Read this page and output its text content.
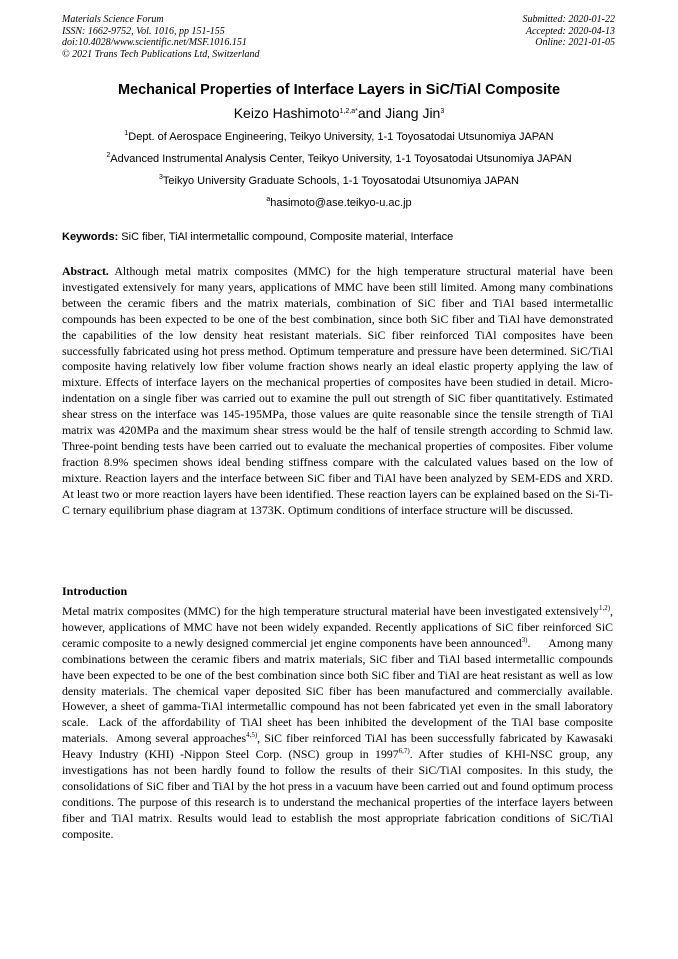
Materials Science Forum
ISSN: 1662-9752, Vol. 1016, pp 151-155
doi:10.4028/www.scientific.net/MSF.1016.151
© 2021 Trans Tech Publications Ltd, Switzerland
Submitted: 2020-01-22
Accepted: 2020-04-13
Online: 2021-01-05
Mechanical Properties of Interface Layers in SiC/TiAl Composite
Keizo Hashimoto$^{1,2,a*}$and Jiang Jin$^3$
$^1$Dept. of Aerospace Engineering, Teikyo University, 1-1 Toyosatodai Utsunomiya JAPAN
$^2$Advanced Instrumental Analysis Center, Teikyo University, 1-1 Toyosatodai Utsunomiya JAPAN
$^3$Teikyo University Graduate Schools, 1-1 Toyosatodai Utsunomiya JAPAN
$^a$hasimoto@ase.teikyo-u.ac.jp
Keywords: SiC fiber, TiAl intermetallic compound, Composite material, Interface
Abstract. Although metal matrix composites (MMC) for the high temperature structural material have been investigated extensively for many years, applications of MMC have been still limited. Among many combinations between the ceramic fibers and the matrix materials, combination of SiC fiber and TiAl based intermetallic compounds has been expected to be one of the best combination, since both SiC fiber and TiAl have demonstrated the capabilities of the low density heat resistant materials. SiC fiber reinforced TiAl composites have been successfully fabricated using hot press method. Optimum temperature and pressure have been determined. SiC/TiAl composite having relatively low fiber volume fraction shows nearly an ideal elastic property applying the law of mixture. Effects of interface layers on the mechanical properties of composites have been studied in detail. Micro-indentation on a single fiber was carried out to examine the pull out strength of SiC fiber quantitatively. Estimated shear stress on the interface was 145-195MPa, those values are quite reasonable since the tensile strength of TiAl matrix was 420MPa and the maximum shear stress would be the half of tensile strength according to Schmid law. Three-point bending tests have been carried out to evaluate the mechanical properties of composites. Fiber volume fraction 8.9% specimen shows ideal bending stiffness compare with the calculated values based on the low of mixture. Reaction layers and the interface between SiC fiber and TiAl have been analyzed by SEM-EDS and XRD. At least two or more reaction layers have been identified. These reaction layers can be explained based on the Si-Ti-C ternary equilibrium phase diagram at 1373K. Optimum conditions of interface structure will be discussed.
Introduction
Metal matrix composites (MMC) for the high temperature structural material have been investigated extensively$^{1,2)}$, however, applications of MMC have not been widely expanded. Recently applications of SiC fiber reinforced SiC ceramic composite to a newly designed commercial jet engine components have been announced$^{3)}$.      Among many combinations between the ceramic fibers and matrix materials, SiC fiber and TiAl based intermetallic compounds have been expected to be one of the best combination since both SiC fiber and TiAl are heat resistant as well as low density materials. The chemical vaper deposited SiC fiber has been manufactured and commercially available. However, a sheet of gamma-TiAl intermetallic compound has not been fabricated yet even in the small laboratory scale.  Lack of the affordability of TiAl sheet has been inhibited the development of the TiAl base composite materials.  Among several approaches$^{4,5)}$, SiC fiber reinforced TiAl has been successfully fabricated by Kawasaki Heavy Industry (KHI) -Nippon Steel Corp. (NSC) group in 1997$^{6,7)}$. After studies of KHI-NSC group, any investigations has not been hardly found to follow the results of their SiC/TiAl composites. In this study, the consolidations of SiC fiber and TiAl by the hot press in a vacuum have been carried out and found optimum process conditions. The purpose of this research is to understand the mechanical properties of the interface layers between fiber and TiAl matrix. Results would lead to establish the most appropriate fabrication conditions of SiC/TiAl composite.
